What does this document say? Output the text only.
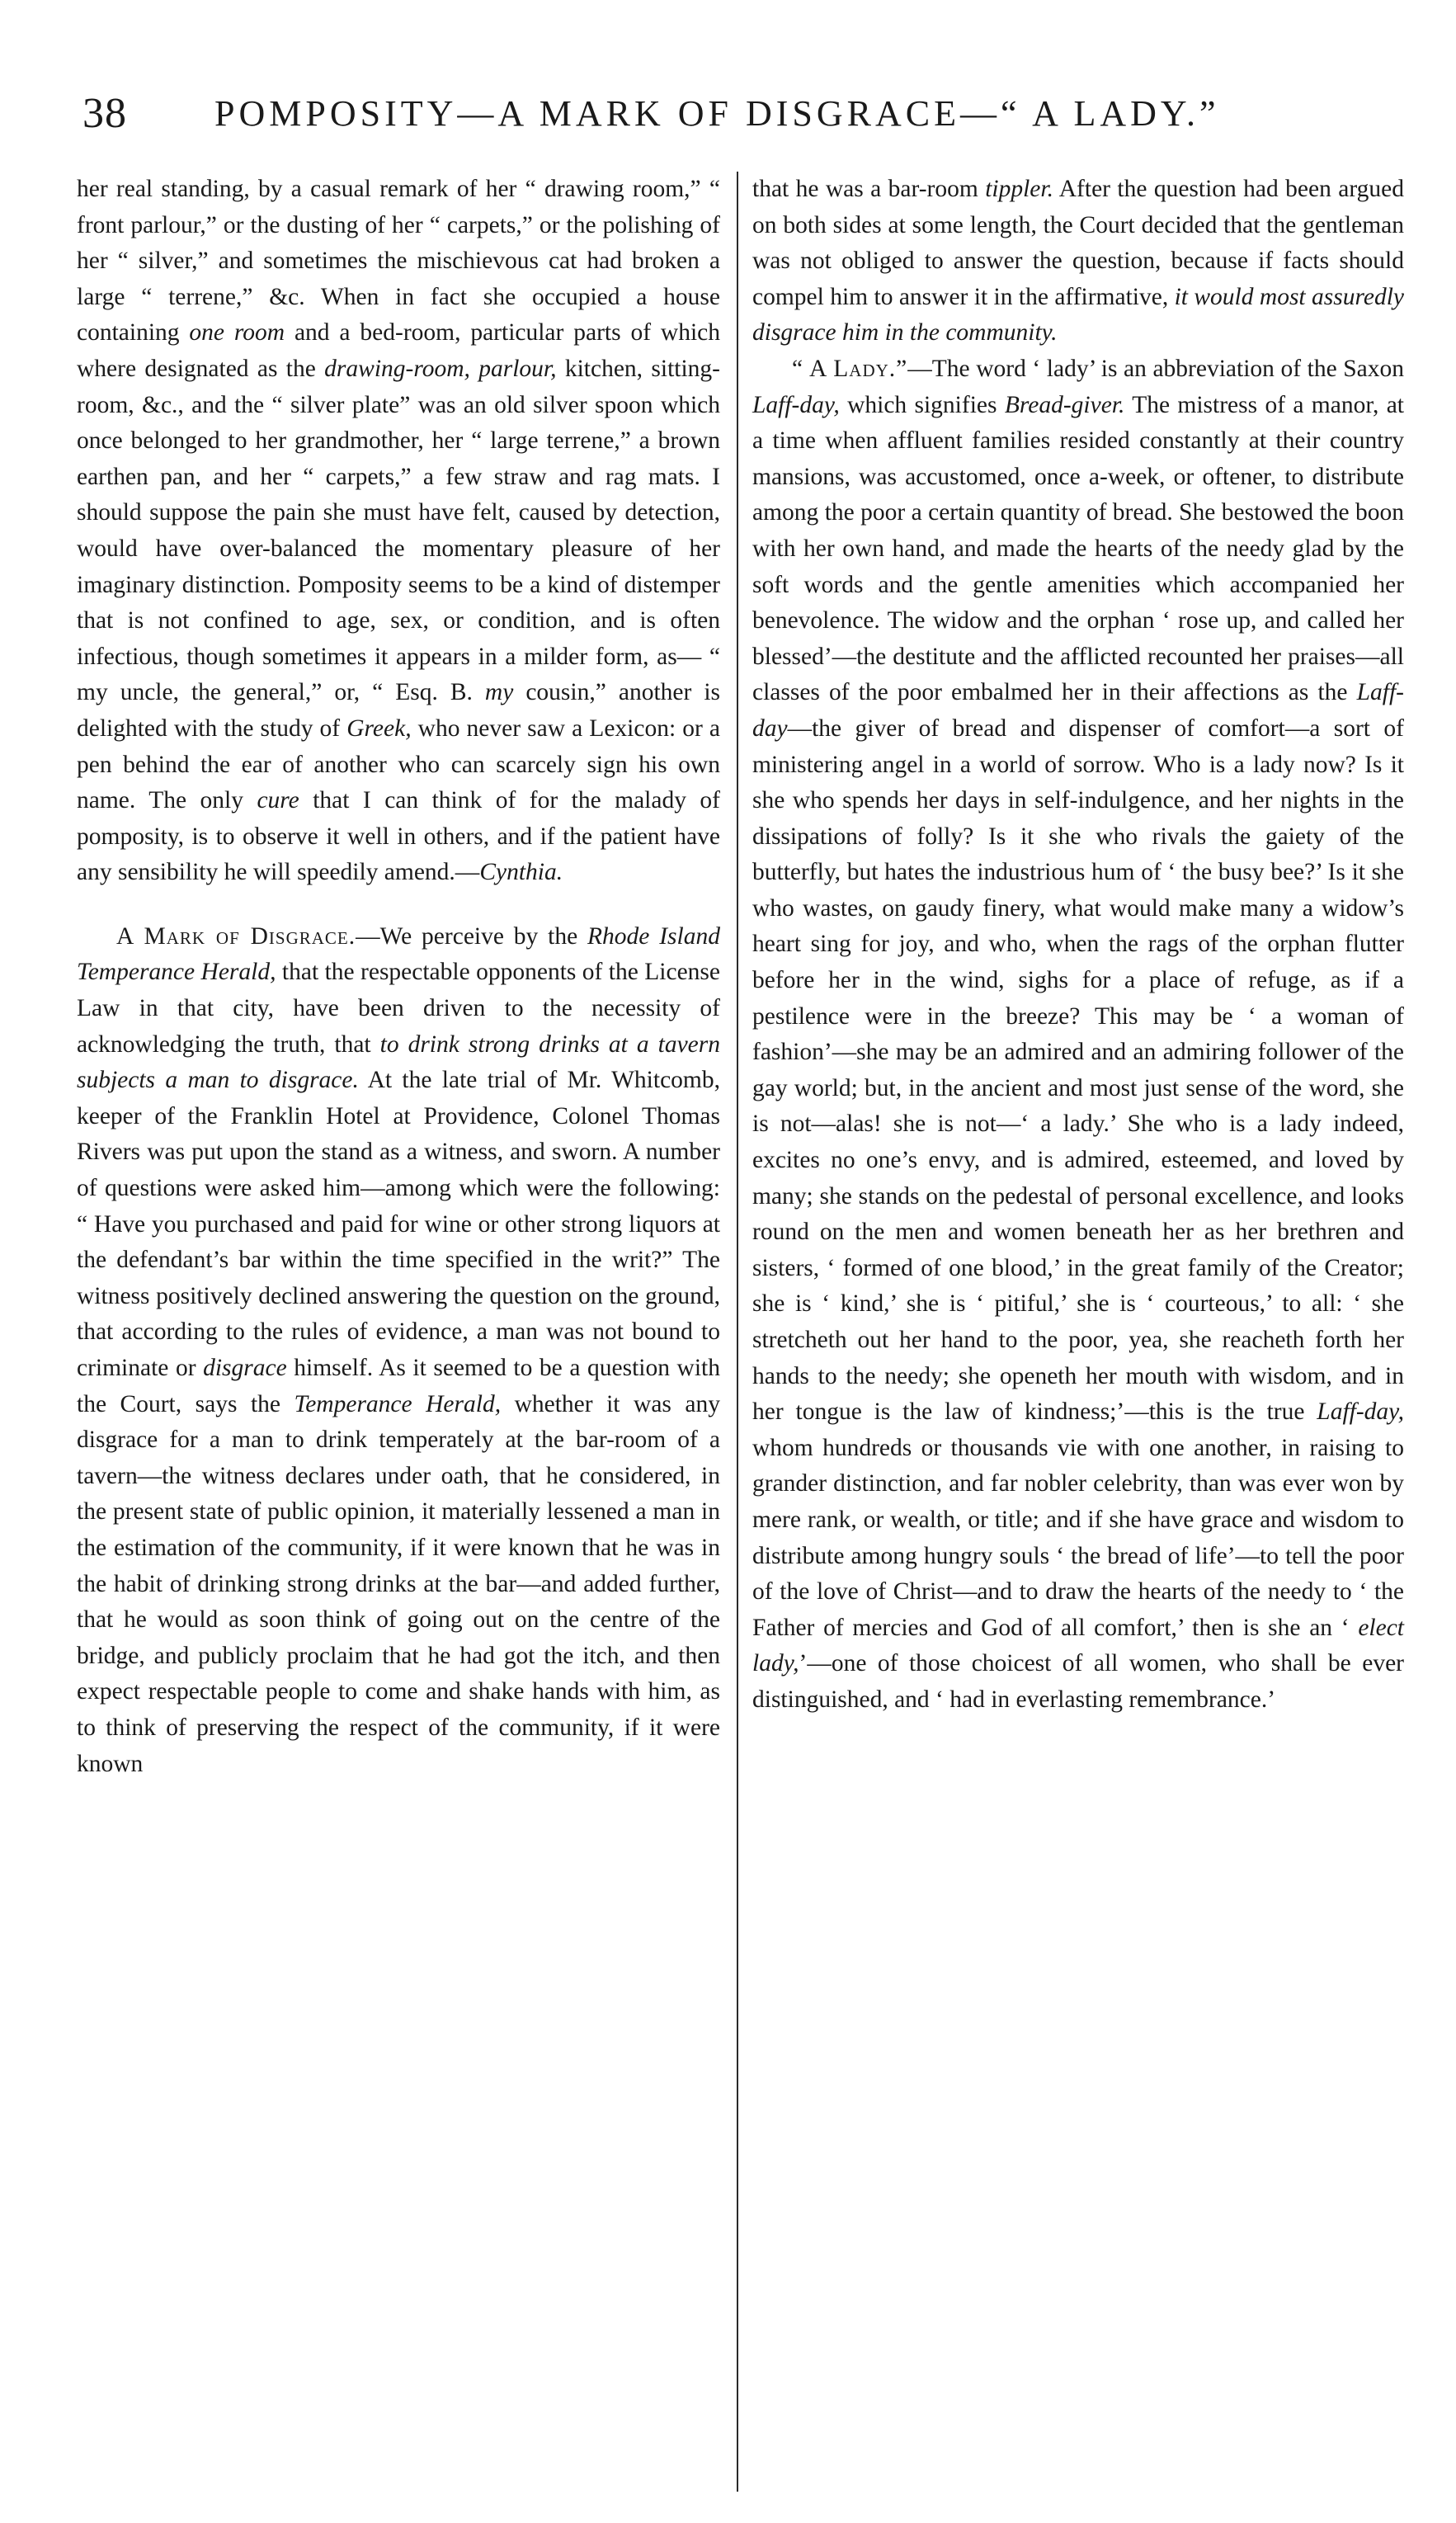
38 POMPOSITY—A MARK OF DISGRACE—“ A LADY.”

her real standing, by a casual remark of her “ drawing room,” “ front parlour,” or the dusting of her “ carpets,” or the polishing of her “ silver,” and sometimes the mischievous cat had broken a large “ terrene,” &c. When in fact she occupied a house containing one room and a bed-room, particular parts of which where designated as the drawing-room, parlour, kitchen, sitting-room, &c., and the “ silver plate” was an old silver spoon which once belonged to her grandmother, her “ large terrene,” a brown earthen pan, and her “ carpets,” a few straw and rag mats. I should suppose the pain she must have felt, caused by detection, would have over-balanced the momentary pleasure of her imaginary distinction. Pomposity seems to be a kind of distemper that is not confined to age, sex, or condition, and is often infectious, though sometimes it appears in a milder form, as— “ my uncle, the general,” or, “ Esq. B. my cousin,” another is delighted with the study of Greek, who never saw a Lexicon: or a pen behind the ear of another who can scarcely sign his own name. The only cure that I can think of for the malady of pomposity, is to observe it well in others, and if the patient have any sensibility he will speedily amend.—Cynthia.

A Mark of Disgrace.—We perceive by the Rhode Island Temperance Herald, that the respectable opponents of the License Law in that city, have been driven to the necessity of acknowledging the truth, that to drink strong drinks at a tavern subjects a man to disgrace. At the late trial of Mr. Whitcomb, keeper of the Franklin Hotel at Providence, Colonel Thomas Rivers was put upon the stand as a witness, and sworn. A number of questions were asked him—among which were the following: “ Have you purchased and paid for wine or other strong liquors at the defendant’s bar within the time specified in the writ?” The witness positively declined answering the question on the ground, that according to the rules of evidence, a man was not bound to criminate or disgrace himself. As it seemed to be a question with the Court, says the Temperance Herald, whether it was any disgrace for a man to drink temperately at the bar-room of a tavern—the witness declares under oath, that he considered, in the present state of public opinion, it materially lessened a man in the estimation of the community, if it were known that he was in the habit of drinking strong drinks at the bar—and added further, that he would as soon think of going out on the centre of the bridge, and publicly proclaim that he had got the itch, and then expect respectable people to come and shake hands with him, as to think of preserving the respect of the community, if it were known

that he was a bar-room tippler. After the question had been argued on both sides at some length, the Court decided that the gentleman was not obliged to answer the question, because if facts should compel him to answer it in the affirmative, it would most assuredly disgrace him in the community.

“ A Lady.”—The word ‘ lady’ is an abbreviation of the Saxon Laff-day, which signifies Bread-giver. The mistress of a manor, at a time when affluent families resided constantly at their country mansions, was accustomed, once a-week, or oftener, to distribute among the poor a certain quantity of bread. She bestowed the boon with her own hand, and made the hearts of the needy glad by the soft words and the gentle amenities which accompanied her benevolence. The widow and the orphan ‘ rose up, and called her blessed’—the destitute and the afflicted recounted her praises—all classes of the poor embalmed her in their affections as the Laff-day—the giver of bread and dispenser of comfort—a sort of ministering angel in a world of sorrow. Who is a lady now? Is it she who spends her days in self-indulgence, and her nights in the dissipations of folly? Is it she who rivals the gaiety of the butterfly, but hates the industrious hum of ‘ the busy bee?’ Is it she who wastes, on gaudy finery, what would make many a widow’s heart sing for joy, and who, when the rags of the orphan flutter before her in the wind, sighs for a place of refuge, as if a pestilence were in the breeze? This may be ‘ a woman of fashion’—she may be an admired and an admiring follower of the gay world; but, in the ancient and most just sense of the word, she is not—alas! she is not—‘ a lady.’ She who is a lady indeed, excites no one’s envy, and is admired, esteemed, and loved by many; she stands on the pedestal of personal excellence, and looks round on the men and women beneath her as her brethren and sisters, ‘ formed of one blood,’ in the great family of the Creator; she is ‘ kind,’ she is ‘ pitiful,’ she is ‘ courteous,’ to all: ‘ she stretcheth out her hand to the poor, yea, she reacheth forth her hands to the needy; she openeth her mouth with wisdom, and in her tongue is the law of kindness;’—this is the true Laff-day, whom hundreds or thousands vie with one another, in raising to grander distinction, and far nobler celebrity, than was ever won by mere rank, or wealth, or title; and if she have grace and wisdom to distribute among hungry souls ‘ the bread of life’—to tell the poor of the love of Christ—and to draw the hearts of the needy to ‘ the Father of mercies and God of all comfort,’ then is she an ‘ elect lady,’—one of those choicest of all women, who shall be ever distinguished, and ‘ had in everlasting remembrance.’
